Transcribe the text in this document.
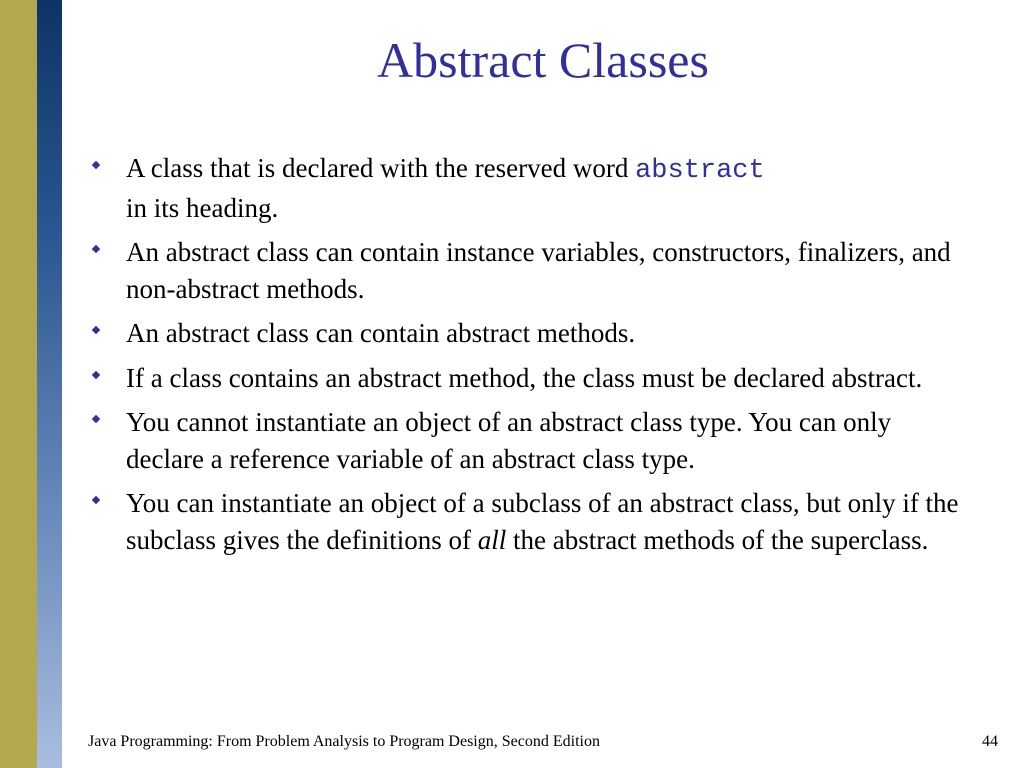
Abstract Classes
A class that is declared with the reserved word abstract
in its heading.
An abstract class can contain instance variables, constructors, finalizers, and non-abstract methods.
An abstract class can contain abstract methods.
If a class contains an abstract method, the class must be declared abstract.
You cannot instantiate an object of an abstract class type. You can only declare a reference variable of an abstract class type.
You can instantiate an object of a subclass of an abstract class, but only if the subclass gives the definitions of all the abstract methods of the superclass.
Java Programming: From Problem Analysis to Program Design, Second Edition	44
